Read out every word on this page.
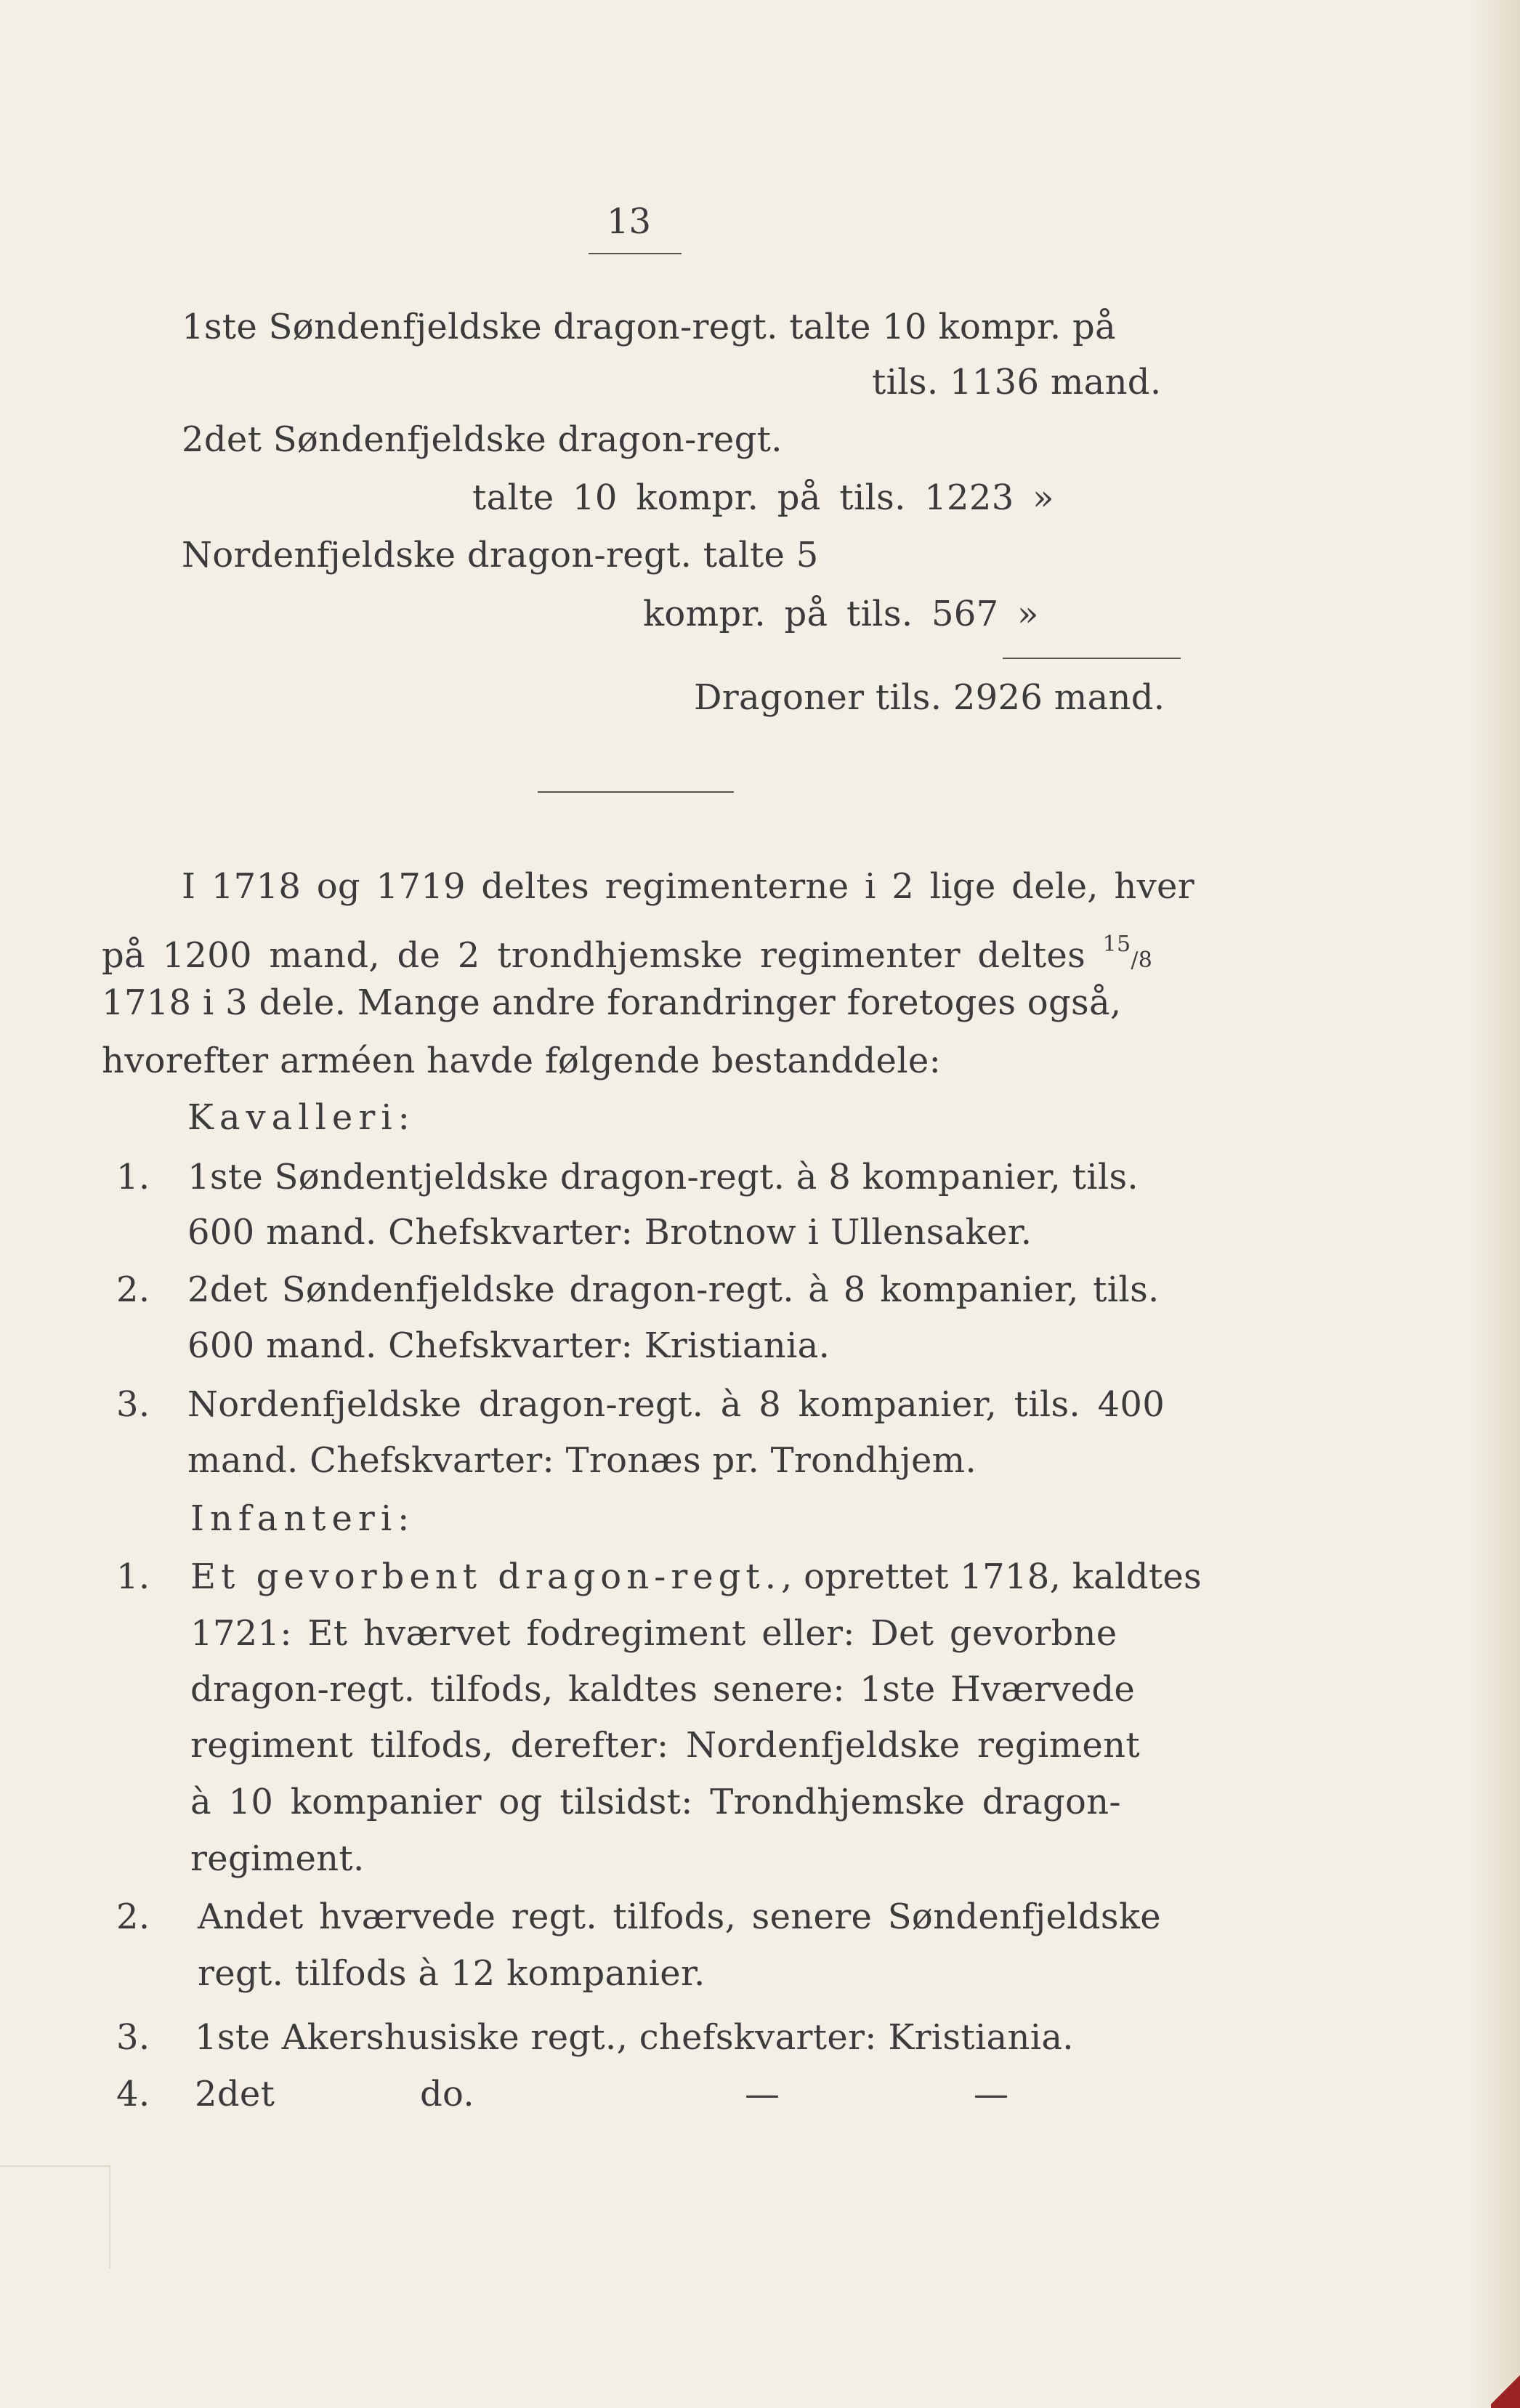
13
1ste Søndenfjeldske dragon-regt. talte 10 kompr. på
tils. 1136 mand.
2det Søndenfjeldske dragon-regt.
talte 10 kompr. på tils. 1223 »
Nordenfjeldske dragon-regt. talte 5
kompr. på tils. 567 »
Dragoner tils. 2926 mand.
I 1718 og 1719 deltes regimenterne i 2 lige dele, hver
på 1200 mand, de 2 trondhjemske regimenter deltes $^{15}$/8
1718 i 3 dele. Mange andre forandringer foretoges også,
hvorefter arméen havde følgende bestanddele:
Kavalleri:
1. 1ste Søndentjeldske dragon-regt. à 8 kompanier, tils.
600 mand. Chefskvarter: Brotnow i Ullensaker.
2. 2det Søndenfjeldske dragon-regt. à 8 kompanier, tils.
600 mand. Chefskvarter: Kristiania.
3. Nordenfjeldske dragon-regt. à 8 kompanier, tils. 400
mand. Chefskvarter: Tronæs pr. Trondhjem.
Infanteri:
1. Et gevorbent dragon-regt., oprettet 1718, kaldtes
1721: Et hværvet fodregiment eller: Det gevorbne
dragon-regt. tilfods, kaldtes senere: 1ste Hværvede
regiment tilfods, derefter: Nordenfjeldske regiment
à 10 kompanier og tilsidst: Trondhjemske dragon-
regiment.
2. Andet hværvede regt. tilfods, senere Søndenfjeldske
regt. tilfods à 12 kompanier.
3. 1ste Akershusiske regt., chefskvarter: Kristiania.
4. 2det	do.	—	—
